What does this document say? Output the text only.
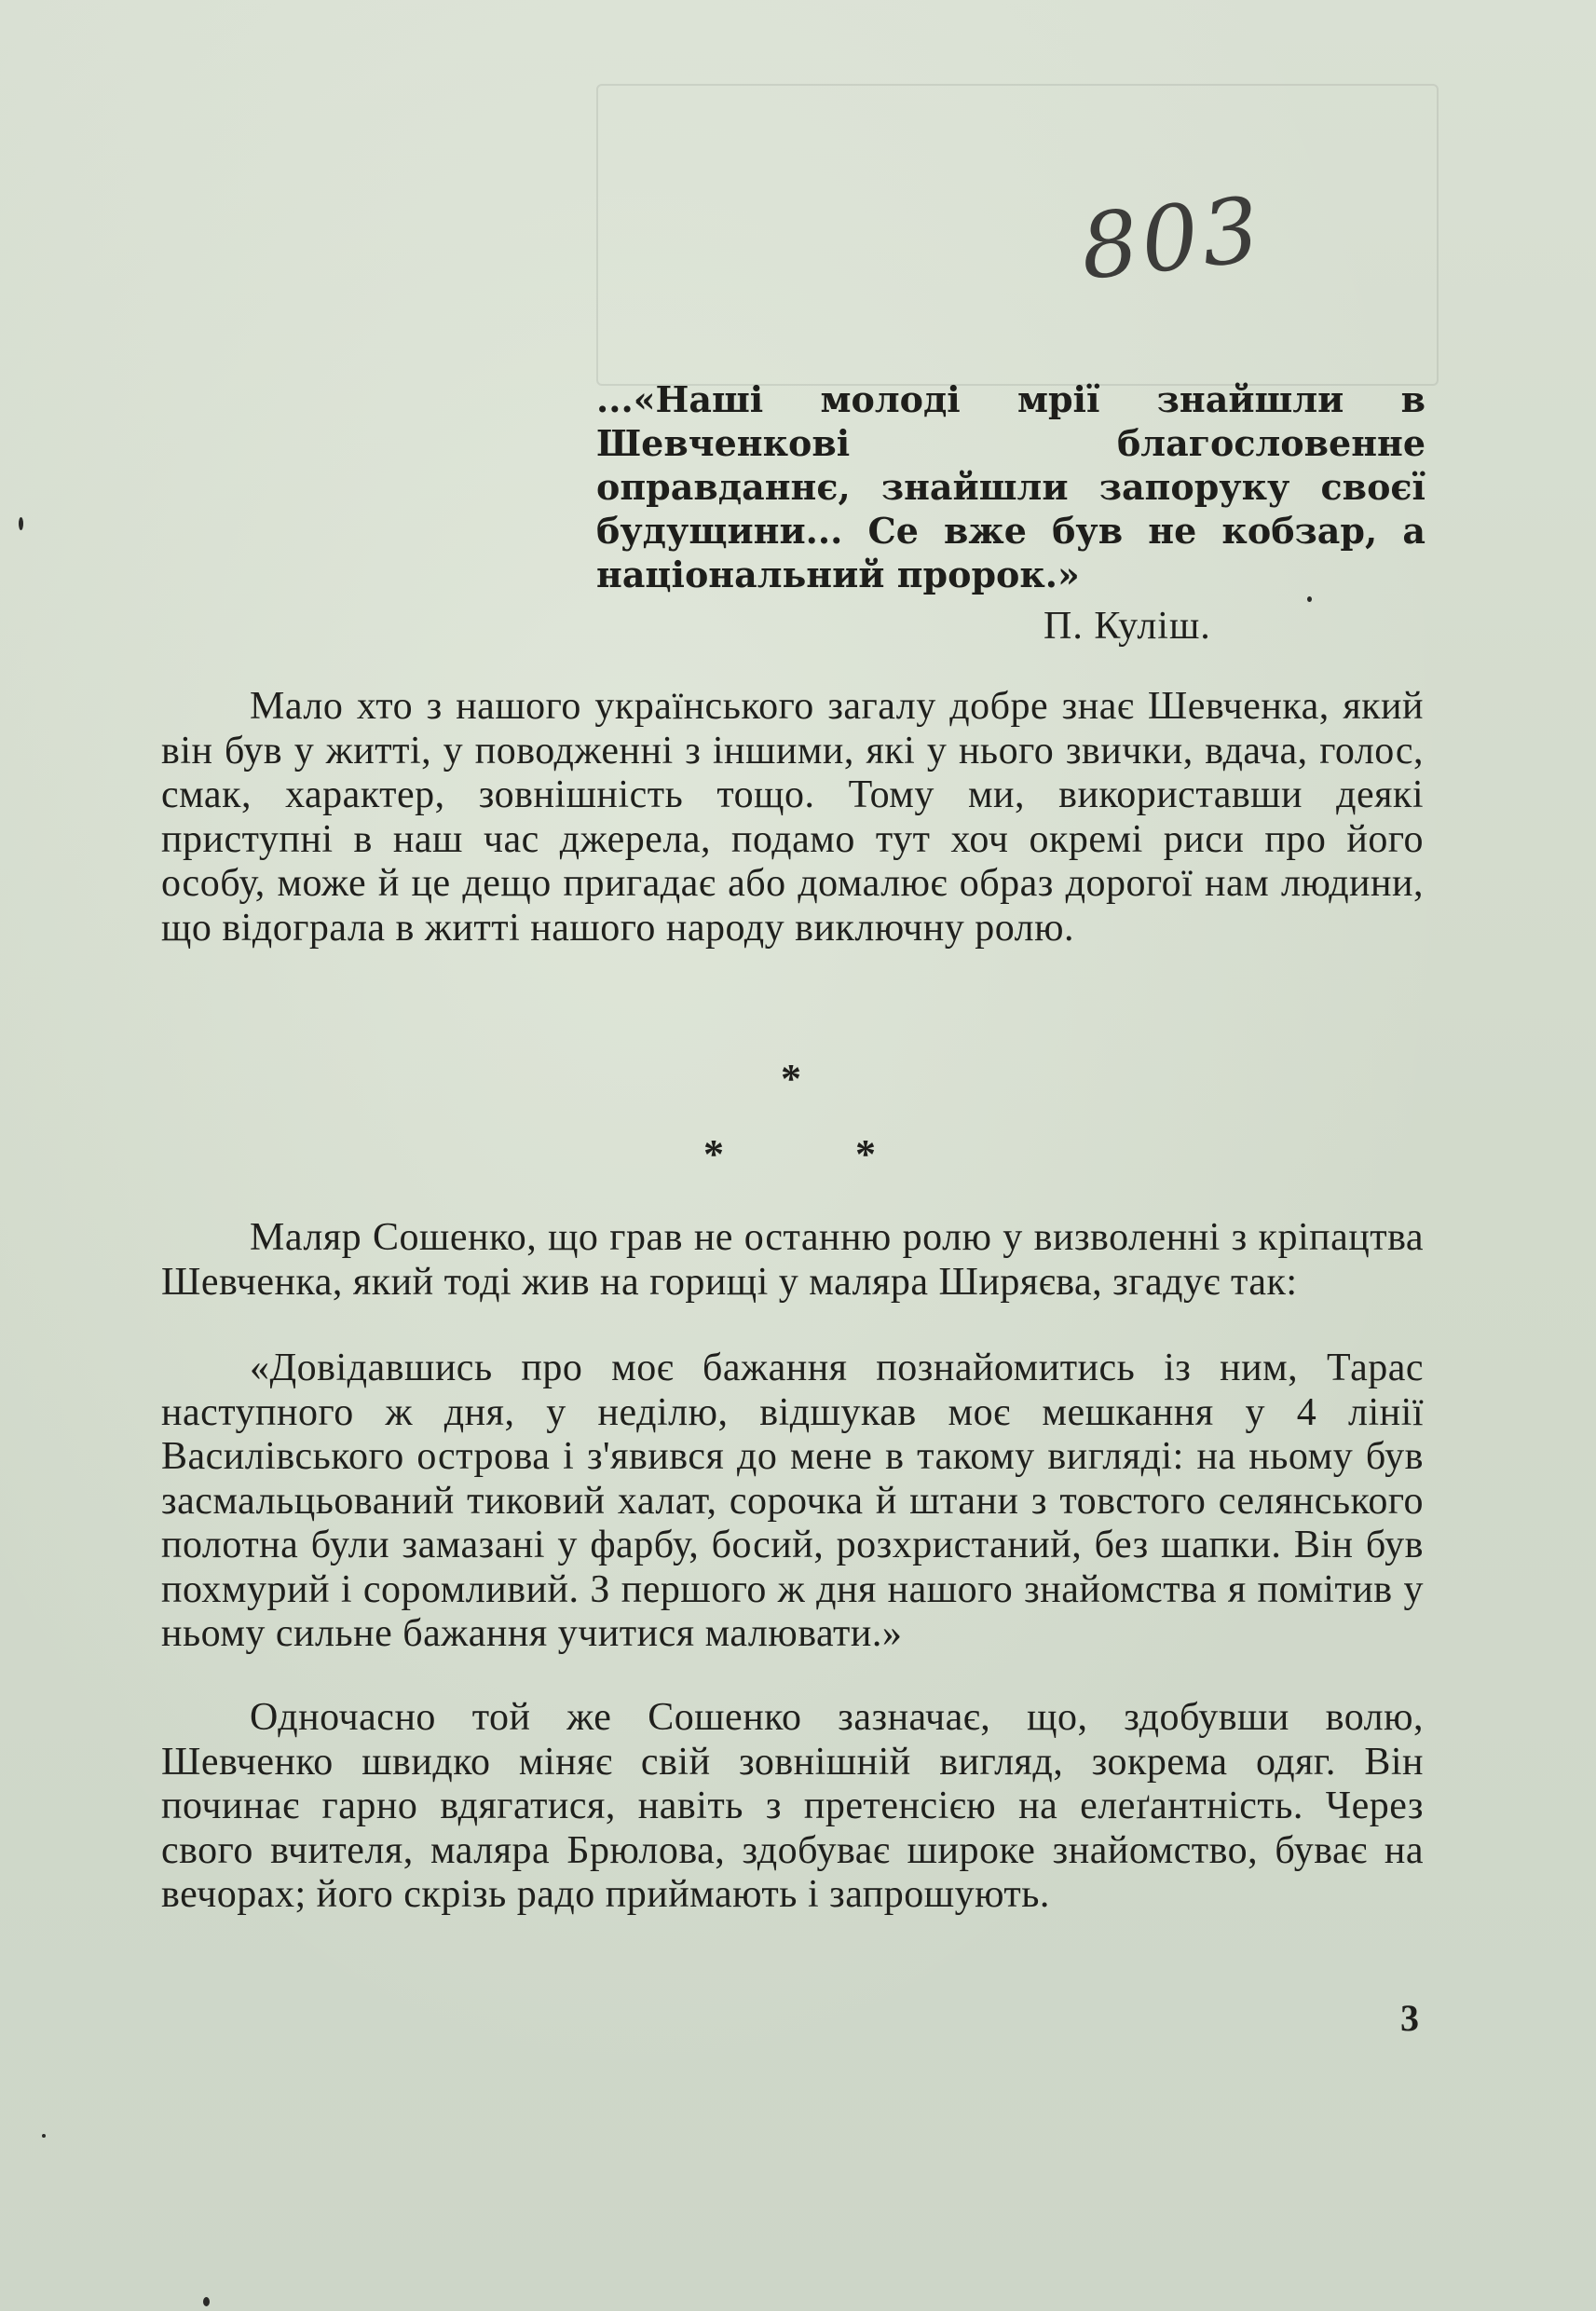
803
...«Наші молоді мрії знайшли в Шевченкові благословенне оправданнє, знайшли запоруку своєї будущини... Се вже був не кобзар, а національний пророк.»
П. Куліш.

Мало хто з нашого українського загалу добре знає Шевченка, який він був у житті, у поводженні з іншими, які у нього звички, вдача, голос, смак, характер, зовнішність тощо. Тому ми, використавши деякі приступні в наш час джерела, подамо тут хоч окремі риси про його особу, може й це дещо пригадає або домалює образ дорогої нам людини, що відограла в житті нашого народу виключну ролю.

*
*	*

Маляр Сошенко, що грав не останню ролю у визволенні з кріпацтва Шевченка, який тоді жив на горищі у маляра Ширяєва, згадує так:

«Довідавшись про моє бажання познайомитись із ним, Тарас наступного ж дня, у неділю, відшукав моє мешкання у 4 лінії Василівського острова і з'явився до мене в такому вигляді: на ньому був засмальцьований тиковий халат, сорочка й штани з товстого селянського полотна були замазані у фарбу, босий, розхристаний, без шапки. Він був похмурий і соромливий. З першого ж дня нашого знайомства я помітив у ньому сильне бажання учитися малювати.»

Одночасно той же Сошенко зазначає, що, здобувши волю, Шевченко швидко міняє свій зовнішній вигляд, зокрема одяг. Він починає гарно вдягатися, навіть з претенсією на елеґантність. Через свого вчителя, маляра Брюлова, здобуває широке знайомство, буває на вечорах; його скрізь радо приймають і запрошують.

3
